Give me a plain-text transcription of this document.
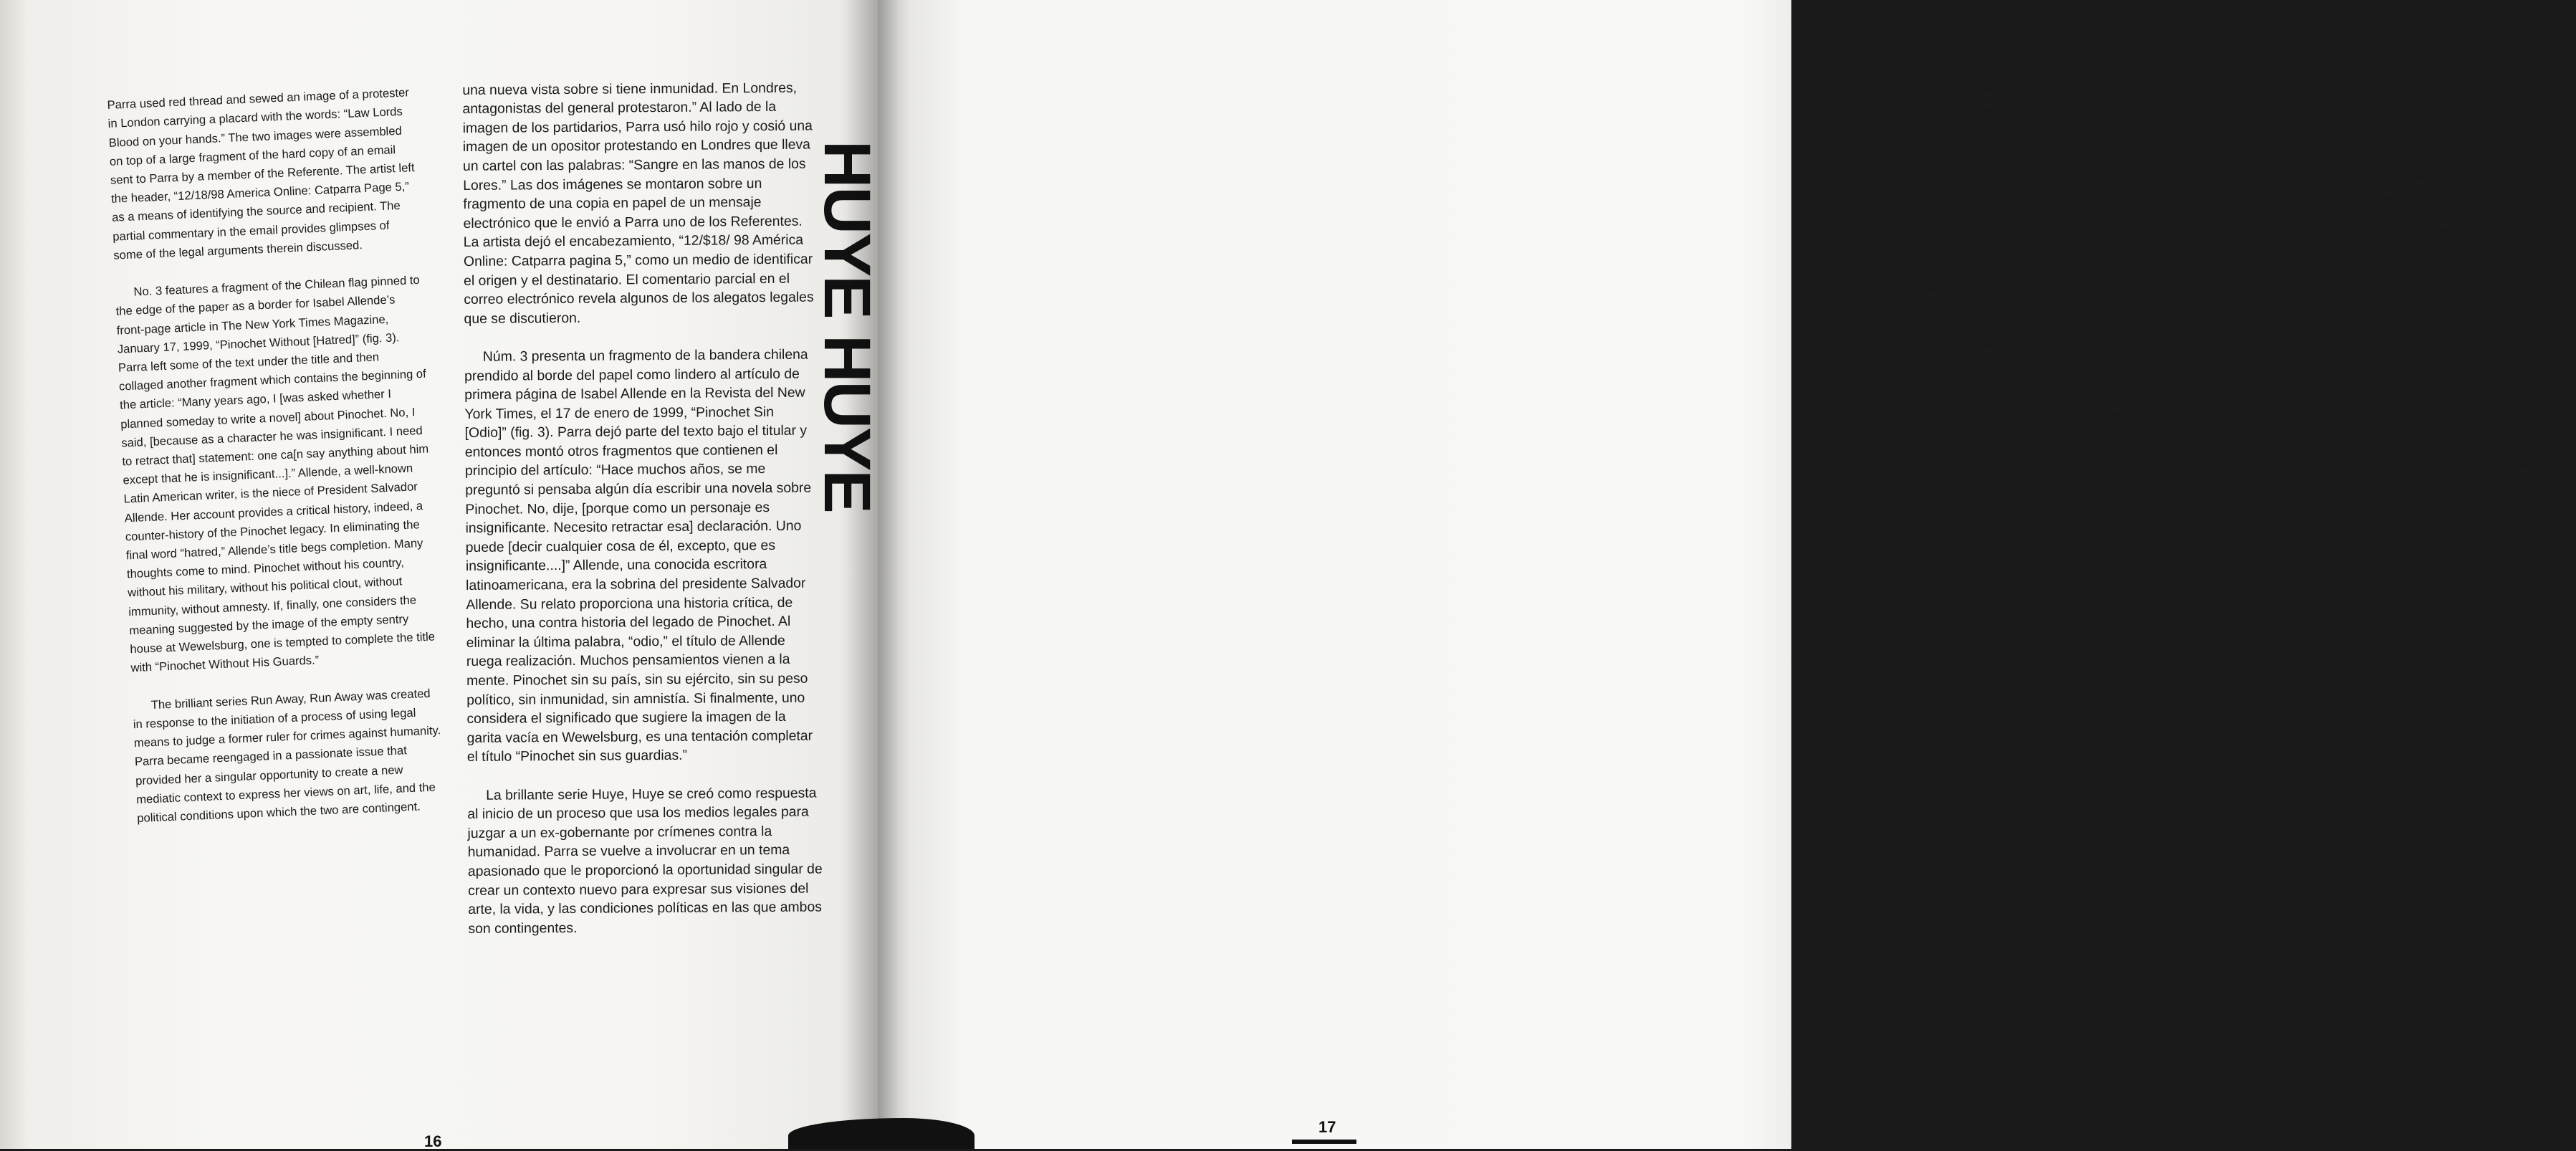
Parra used red thread and sewed an image of a protester in London carrying a placard with the words: “Law Lords Blood on your hands.” The two images were assembled on top of a large fragment of the hard copy of an email sent to Parra by a member of the Referente. The artist left the header, “12/18/98 America Online: Catparra Page 5,” as a means of identifying the source and recipient. The partial commentary in the email provides glimpses of some of the legal arguments therein discussed.

No. 3 features a fragment of the Chilean flag pinned to the edge of the paper as a border for Isabel Allende’s front-page article in The New York Times Magazine, January 17, 1999, “Pinochet Without [Hatred]” (fig. 3). Parra left some of the text under the title and then collaged another fragment which contains the beginning of the article: “Many years ago, I [was asked whether I planned someday to write a novel] about Pinochet. No, I said, [because as a character he was insignificant. I need to retract that] statement: one ca[n say anything about him except that he is insignificant...].” Allende, a well-known Latin American writer, is the niece of President Salvador Allende. Her account provides a critical history, indeed, a counter-history of the Pinochet legacy. In eliminating the final word “hatred,” Allende’s title begs completion. Many thoughts come to mind. Pinochet without his country, without his military, without his political clout, without immunity, without amnesty. If, finally, one considers the meaning suggested by the image of the empty sentry house at Wewelsburg, one is tempted to complete the title with “Pinochet Without His Guards.”

The brilliant series Run Away, Run Away was created in response to the initiation of a process of using legal means to judge a former ruler for crimes against humanity. Parra became reengaged in a passionate issue that provided her a singular opportunity to create a new mediatic context to express her views on art, life, and the political conditions upon which the two are contingent.

una nueva vista sobre si tiene inmunidad. En Londres, antagonistas del general protestaron.” Al lado de la imagen de los partidarios, Parra usó hilo rojo y cosió una imagen de un opositor protestando en Londres que lleva un cartel con las palabras: “Sangre en las manos de los Lores.” Las dos imágenes se montaron sobre un fragmento de una copia en papel de un mensaje electrónico que le envió a Parra uno de los Referentes. La artista dejó el encabezamiento, “12/$18/ 98 América Online: Catparra pagina 5,” como un medio de identificar el origen y el destinatario. El comentario parcial en el correo electrónico revela algunos de los alegatos legales que se discutieron.

Núm. 3 presenta un fragmento de la bandera chilena prendido al borde del papel como lindero al artículo de primera página de Isabel Allende en la Revista del New York Times, el 17 de enero de 1999, “Pinochet Sin [Odio]” (fig. 3). Parra dejó parte del texto bajo el titular y entonces montó otros fragmentos que contienen el principio del artículo: “Hace muchos años, se me preguntó si pensaba algún día escribir una novela sobre Pinochet. No, dije, [porque como un personaje es insignificante. Necesito retractar esa] declaración. Uno puede [decir cualquier cosa de él, excepto, que es insignificante....]” Allende, una conocida escritora latinoamericana, era la sobrina del presidente Salvador Allende. Su relato proporciona una historia crítica, de hecho, una contra historia del legado de Pinochet. Al eliminar la última palabra, “odio,” el título de Allende ruega realización. Muchos pensamientos vienen a la mente. Pinochet sin su país, sin su ejército, sin su peso político, sin inmunidad, sin amnistía. Si finalmente, uno considera el significado que sugiere la imagen de la garita vacía en Wewelsburg, es una tentación completar el título “Pinochet sin sus guardias.”

La brillante serie Huye, Huye se creó como respuesta al inicio de un proceso que usa los medios legales para juzgar a un ex-gobernante por crímenes contra la humanidad. Parra se vuelve a involucrar en un tema apasionado que le proporcionó la oportunidad singular de crear un contexto nuevo para expresar sus visiones del arte, la vida, y las condiciones políticas en las que ambos son contingentes.

16
1 For historical background on Parra’s early artistic development in Germany and Chile, see Julia P. Herzberg, “Reconstructions,” Catalina Parra in Retrospect (New York: Lehman College Art Gallery, 1992), 7–17.
2 A photomontage consists of fragments of images or of texts and images selected from printed material that are recombined to form a new composition. The newly assembled texts, which often include photographic material, interact to produce meanings different from those originally intended before the artist excised them.
3 The full-page ad was written for IKEA’s winter sale, which was pitched to the public as a “runaway” sale.
4 Pinochet, who was dictator of Chile 1973–90, received a provisional warrant for the murder of Spanish citizens in Chile between September 11, 1973 and December 31, 1983. Two days later, on October 18, Judge Baltasar Garzón in Madrid issued a second international warrant of arrest, alleging crimes of genocide and terrorism.
5 Patricio Navia, a Ph.D. candidate in the Department of Politics at New York University, created the group, which were involved in cultural and political issues in Chile. Following Pinochet’s arrest, Navia sent members of the group articles and commentaries covering a variety of issues regarding the retired general’s evolving case.
6 On October 28, the High Court ruled that Pinochet was immune from prosecution because he was a former head of state. As a result of this ruling, the Spanish Judge Baltasar Garzón asked for an appeal, and the case went to the House of Lords. On November 25, the Law Lords ruled that the former head of state was not immune from prosecution. Then Pinochet’s defense asked the Law Lords to reconsider that decision because one of the Law Lords had ties to Amnesty International.
7 At that early stage in the case, Pinochet’s defense felt that no court in Chile would try the former president because he was covered by an amnesty law prohibiting his prosecution for any crimes committed between 1973 and 1978.
8 Parra visited the castle when she taught art in the nearby town of Paderborn, Germany, in the summer of 1995. Author in conversation with the artist, March 9, 2000.
9 For that text Parra appropriated most of the title from a book she had read by Karl Huser, Wewelsburg 1933–1945 Kult- und Terrorstätte der SS, Eine Dokumentation (Paderborn: Verlag Bonifatius, 1982).
10 On January 18, 1999, new hearings began in the House of Lords. On March 24, the Law Lords denied Pinochet immunity.
1 Para un fondo histórico en el principio del desarrollo artístico de Parra en Alemania y Chile, vea Julia P. Herzberg, “Reconstrucciones,” Catalina Parra en retrospectiva (Nueva York: Galería de Arte de Lehman College, 1992), 7–17.
2 Un fotomontaje consta de fragmentos de imágenes o de textos e imágenes seleccionados de material impreso que se recombinan para formar una composición nueva. Los nuevos textos remontados, que a menudo incluyen material fotográfico, se afectan mutuamente para producir significados diferentes a la intención original del artista antes de recortarlos.
3 El anuncio de una pagina se escribió para la liquidación de invierno de IKEA, que se ofreció al público como una liquidación desenfrenada (runaway).
4 Pinochet, quien fue dictador de Chile de 1973 a 1990, recibió una orden de arresto provisional por el asesinato de ciudadanos españoles entre septiembre 11, 1973 y diciembre 31, 1983. Dos días más tarde el juez Baltazar Garzón emitió una segunda orden de arresto internacional, bajo acusaciones por delitos de genocidio y terrorismo.
5 Patricio Navia, candidato al doctorado en la facultad de política de la Universidad de Nueva York, creó el grupo, el cual se involucró en asuntos políticos y culturales de Chile. Después del arresto de Pinochet, Navia envió a los miembros del grupo artículos y comentarios sobre una variedad de asuntos acerca del desenvolvimiento en el caso del general retirado.
6 El 28 de octubre, el tribunal superior falló que Pinochet era inmune a procesamiento por ser un ex-jefe de estado. Como resultado de este fallo, el juez español, Baltazar Garzón pidió una apelación y el caso fue a la Cámara de los Lores. El 25 de noviembre los Lores judiciales fallaron que el ex-jefe de estado no era inmune a procesamiento. Entonces la defensa de Pinochet pidió a los Lores judiciales que reconsideraran la decisión debido a que uno de los Lores tenía lazos con Amnistía Internacional.
7 En las primeras etapas del caso, la defensa de Pinochet consideraba que ningún tribunal en Chile procesaría al ex-presidente porque él estaba protegido por una ley de amnistía que prohibía su proceso por cualquier delito cometido entre 1973–1978.
8 Parra visitó el castillo cuando enseñó artes en el cercano pueblo de Paderborn, Alemania en el verano de 1995. La autora conversando con la artista, marzo 9, 2000.
9 Para ese texto, Parra se apropió la mayoría del título de un libro que había leído por Karl Huser, Wewelsburg 1933–1945 Kult-und Terrorstätte der SS, Eine Dokumentation (Paderborn: Verlag Bonifatius, 1982).
10 El 18 de enero, 1999, comenzaron nuevas audiencias en la Cámara de los Lores. El 24 de marzo los Lores judiciales denegaron la inmunidad a Pinochet.
17
